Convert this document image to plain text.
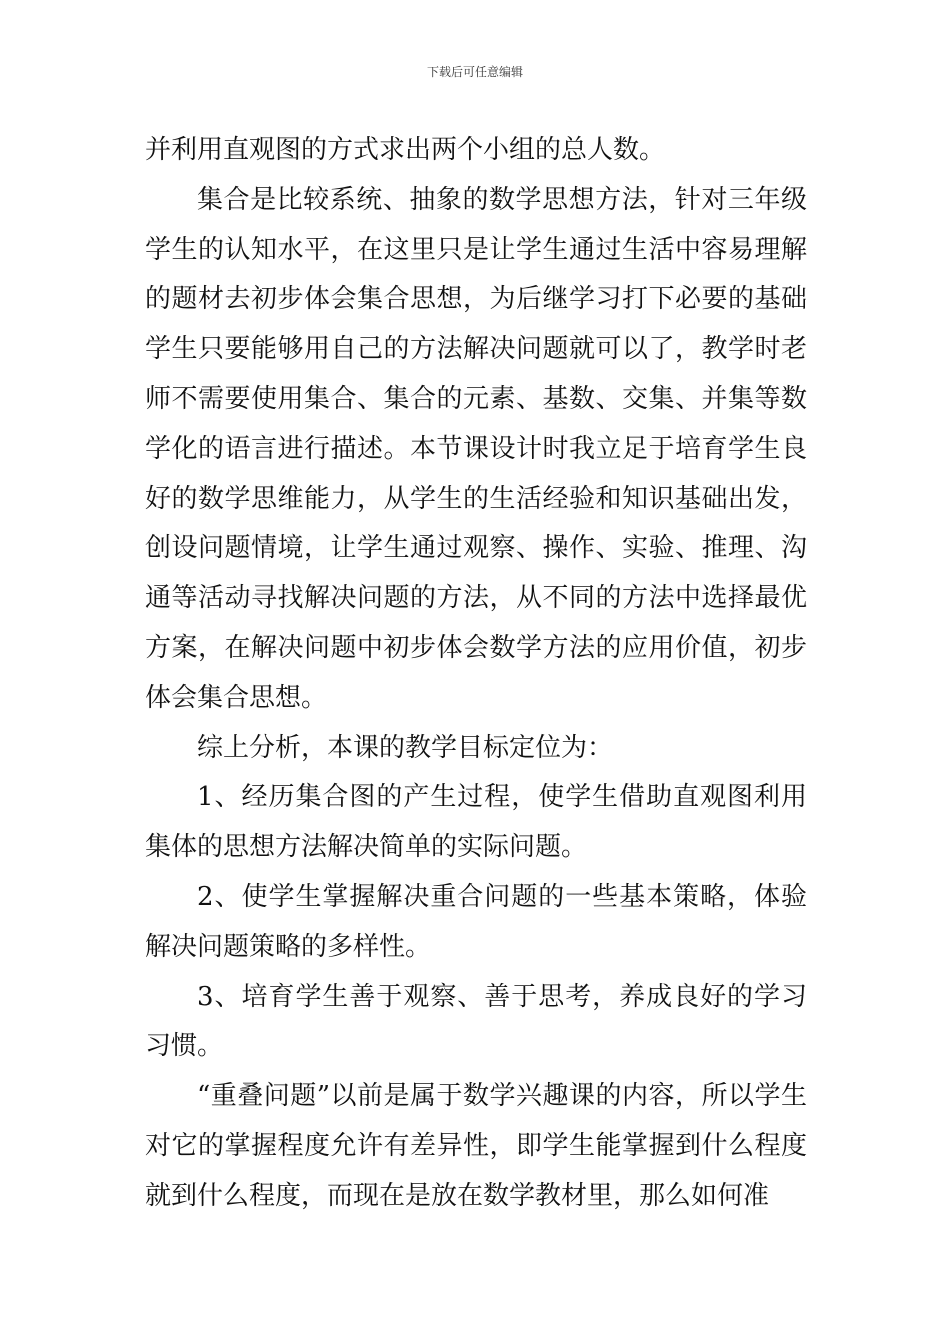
下载后可任意编辑

并利用直观图的方式求出两个小组的总人数。

集合是比较系统、抽象的数学思想方法，针对三年级学生的认知水平，在这里只是让学生通过生活中容易理解的题材去初步体会集合思想，为后继学习打下必要的基础学生只要能够用自己的方法解决问题就可以了，教学时老师不需要使用集合、集合的元素、基数、交集、并集等数学化的语言进行描述。本节课设计时我立足于培育学生良好的数学思维能力，从学生的生活经验和知识基础出发，创设问题情境，让学生通过观察、操作、实验、推理、沟通等活动寻找解决问题的方法，从不同的方法中选择最优方案，在解决问题中初步体会数学方法的应用价值，初步体会集合思想。

综上分析，本课的教学目标定位为：

1、经历集合图的产生过程，使学生借助直观图利用集体的思想方法解决简单的实际问题。

2、使学生掌握解决重合问题的一些基本策略，体验解决问题策略的多样性。

3、培育学生善于观察、善于思考，养成良好的学习习惯。

“重叠问题”以前是属于数学兴趣课的内容，所以学生对它的掌握程度允许有差异性，即学生能掌握到什么程度就到什么程度，而现在是放在数学教材里，那么如何准
